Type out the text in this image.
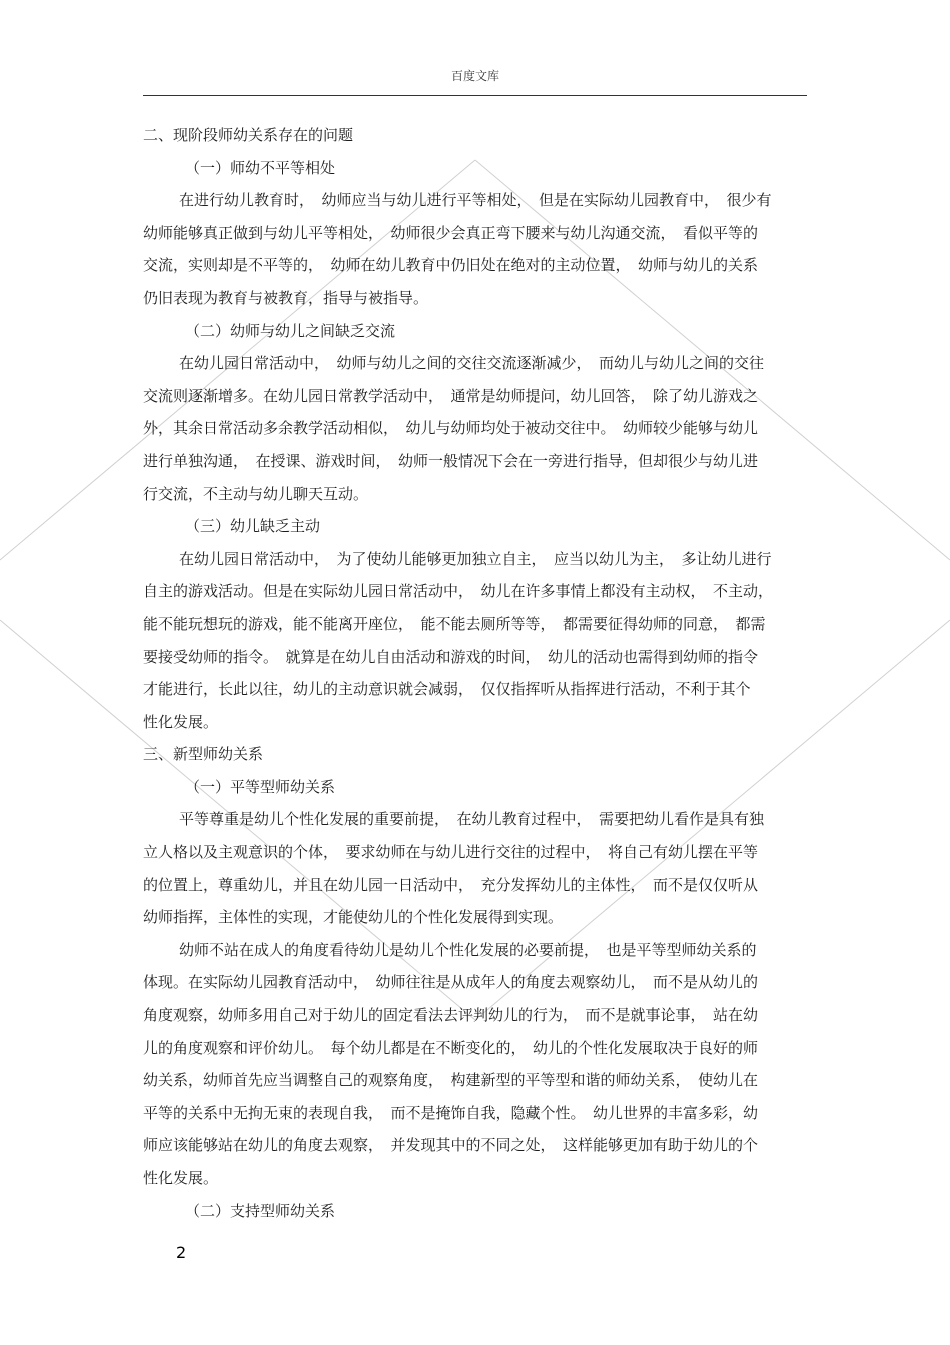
百度文库
二、现阶段师幼关系存在的问题
（一）师幼不平等相处
在进行幼儿教育时，　幼师应当与幼儿进行平等相处，　但是在实际幼儿园教育中，　很少有
幼师能够真正做到与幼儿平等相处，　幼师很少会真正弯下腰来与幼儿沟通交流，　看似平等的
交流，实则却是不平等的，　幼师在幼儿教育中仍旧处在绝对的主动位置，　幼师与幼儿的关系
仍旧表现为教育与被教育，指导与被指导。
（二）幼师与幼儿之间缺乏交流
在幼儿园日常活动中，　幼师与幼儿之间的交往交流逐渐减少，　而幼儿与幼儿之间的交往
交流则逐渐增多。在幼儿园日常教学活动中，　通常是幼师提问，幼儿回答，　除了幼儿游戏之
外，其余日常活动多余教学活动相似，　幼儿与幼师均处于被动交往中。　幼师较少能够与幼儿
进行单独沟通，　在授课、游戏时间，　幼师一般情况下会在一旁进行指导，但却很少与幼儿进
行交流，不主动与幼儿聊天互动。
（三）幼儿缺乏主动
在幼儿园日常活动中，　为了使幼儿能够更加独立自主，　应当以幼儿为主，　多让幼儿进行
自主的游戏活动。但是在实际幼儿园日常活动中，　幼儿在许多事情上都没有主动权，　不主动，
能不能玩想玩的游戏，能不能离开座位，　能不能去厕所等等，　都需要征得幼师的同意，　都需
要接受幼师的指令。　就算是在幼儿自由活动和游戏的时间，　幼儿的活动也需得到幼师的指令
才能进行，长此以往，幼儿的主动意识就会减弱，　仅仅指挥听从指挥进行活动，不利于其个
性化发展。
三、新型师幼关系
（一）平等型师幼关系
平等尊重是幼儿个性化发展的重要前提，　在幼儿教育过程中，　需要把幼儿看作是具有独
立人格以及主观意识的个体，　要求幼师在与幼儿进行交往的过程中，　将自己有幼儿摆在平等
的位置上，尊重幼儿，并且在幼儿园一日活动中，　充分发挥幼儿的主体性，　而不是仅仅听从
幼师指挥，主体性的实现，才能使幼儿的个性化发展得到实现。
幼师不站在成人的角度看待幼儿是幼儿个性化发展的必要前提，　也是平等型师幼关系的
体现。在实际幼儿园教育活动中，　幼师往往是从成年人的角度去观察幼儿，　而不是从幼儿的
角度观察，幼师多用自己对于幼儿的固定看法去评判幼儿的行为，　而不是就事论事，　站在幼
儿的角度观察和评价幼儿。　每个幼儿都是在不断变化的，　幼儿的个性化发展取决于良好的师
幼关系，幼师首先应当调整自己的观察角度，　构建新型的平等型和谐的师幼关系，　使幼儿在
平等的关系中无拘无束的表现自我，　而不是掩饰自我，隐藏个性。　幼儿世界的丰富多彩，幼
师应该能够站在幼儿的角度去观察，　并发现其中的不同之处，　这样能够更加有助于幼儿的个
性化发展。
（二）支持型师幼关系
2
